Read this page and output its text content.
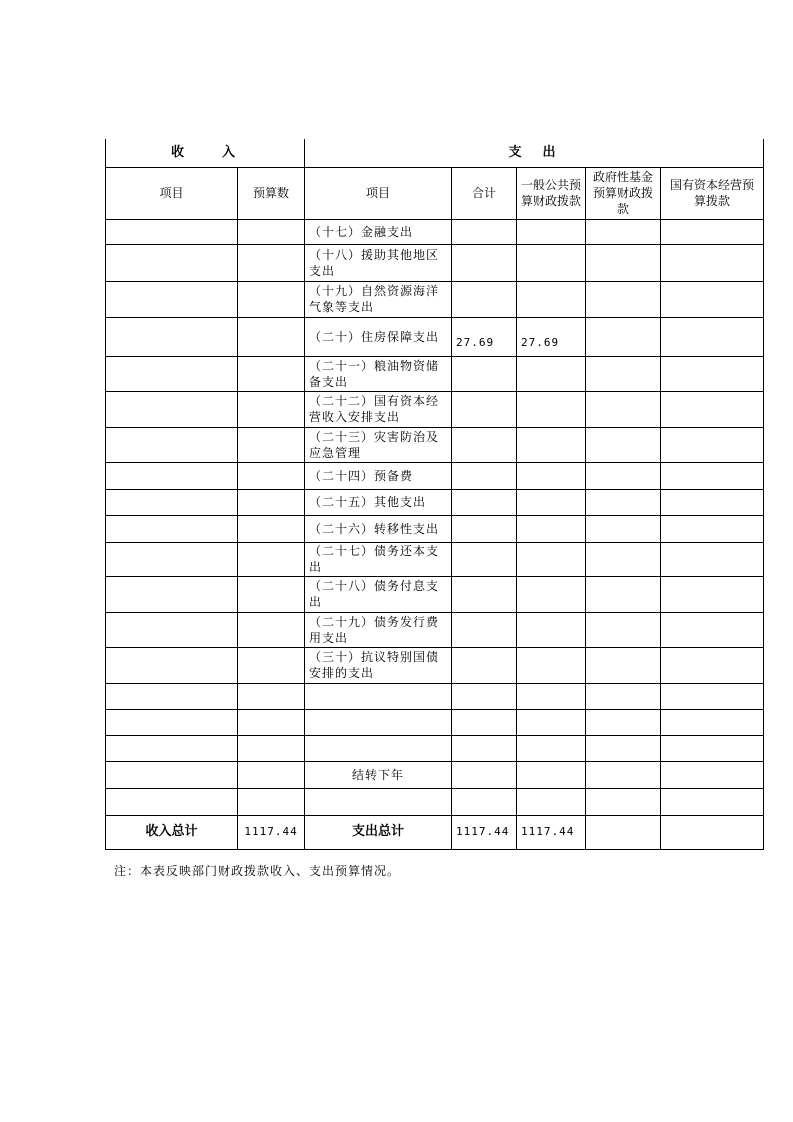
收　　入		支　出				
项目	预算数	项目	合计	一般公共预算财政拨款	政府性基金预算财政拨款	国有资本经营预算拨款
		（十七）金融支出				
		（十八）援助其他地区支出				
		（十九）自然资源海洋气象等支出				
		（二十）住房保障支出	27.69	27.69		
		（二十一）粮油物资储备支出				
		（二十二）国有资本经营收入安排支出				
		（二十三）灾害防治及应急管理				
		（二十四）预备费				
		（二十五）其他支出				
		（二十六）转移性支出				
		（二十七）债务还本支出				
		（二十八）债务付息支出				
		（二十九）债务发行费用支出				
		（三十）抗议特别国债安排的支出				

		结转下年				

收入总计	1117.44	支出总计	1117.44	1117.44		
注：本表反映部门财政拨款收入、支出预算情况。
